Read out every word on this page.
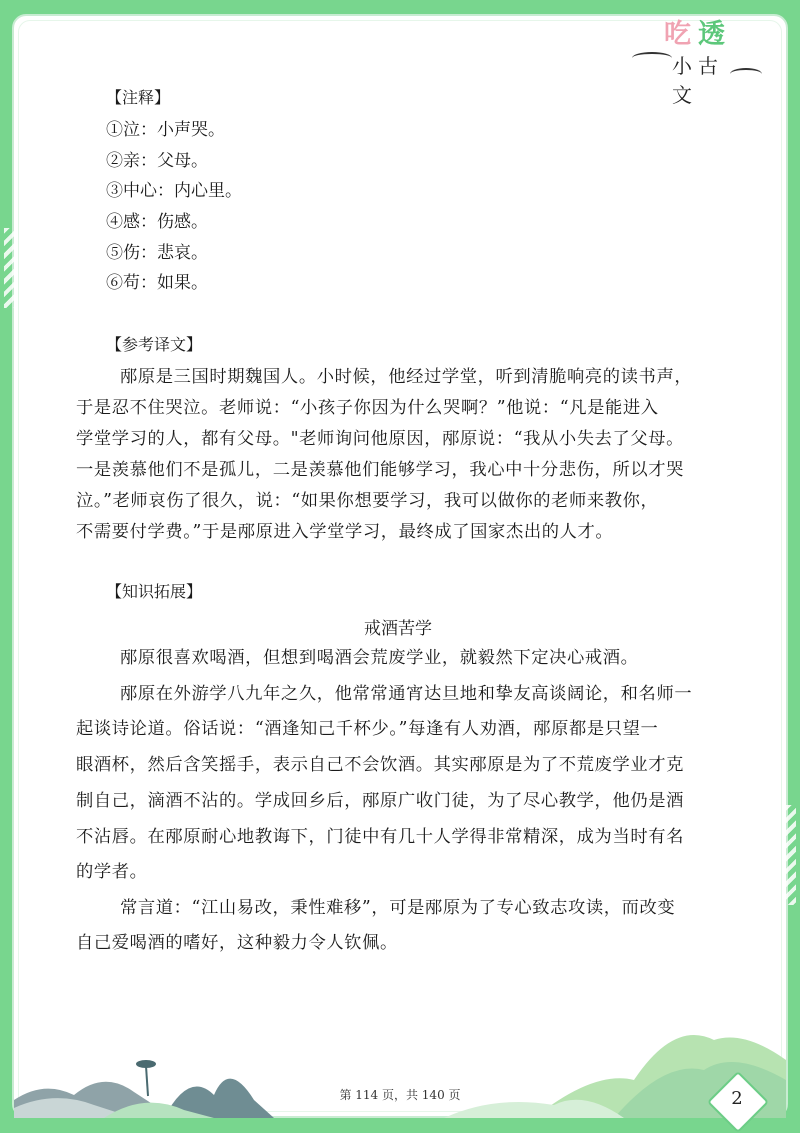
吃 透
小古文
【注释】
①泣：小声哭。
②亲：父母。
③中心：内心里。
④感：伤感。
⑤伤：悲哀。
⑥苟：如果。
【参考译文】
邴原是三国时期魏国人。小时候，他经过学堂，听到清脆响亮的读书声，
于是忍不住哭泣。老师说：“小孩子你因为什么哭啊？”他说：“凡是能进入
学堂学习的人，都有父母。"老师询问他原因，邴原说：“我从小失去了父母。
一是羡慕他们不是孤儿，二是羡慕他们能够学习，我心中十分悲伤，所以才哭
泣。”老师哀伤了很久，说：“如果你想要学习，我可以做你的老师来教你，
不需要付学费。”于是邴原进入学堂学习，最终成了国家杰出的人才。
【知识拓展】
戒酒苦学
邴原很喜欢喝酒，但想到喝酒会荒废学业，就毅然下定决心戒酒。
邴原在外游学八九年之久，他常常通宵达旦地和挚友高谈阔论，和名师一
起谈诗论道。俗话说：“酒逢知己千杯少。”每逢有人劝酒，邴原都是只望一
眼酒杯，然后含笑摇手，表示自己不会饮酒。其实邴原是为了不荒废学业才克
制自己，滴酒不沾的。学成回乡后，邴原广收门徒，为了尽心教学，他仍是酒
不沾唇。在邴原耐心地教诲下，门徒中有几十人学得非常精深，成为当时有名
的学者。
常言道：“江山易改，秉性难移”，可是邴原为了专心致志攻读，而改变
自己爱喝酒的嗜好，这种毅力令人钦佩。
第 114 页，共 140 页	2
